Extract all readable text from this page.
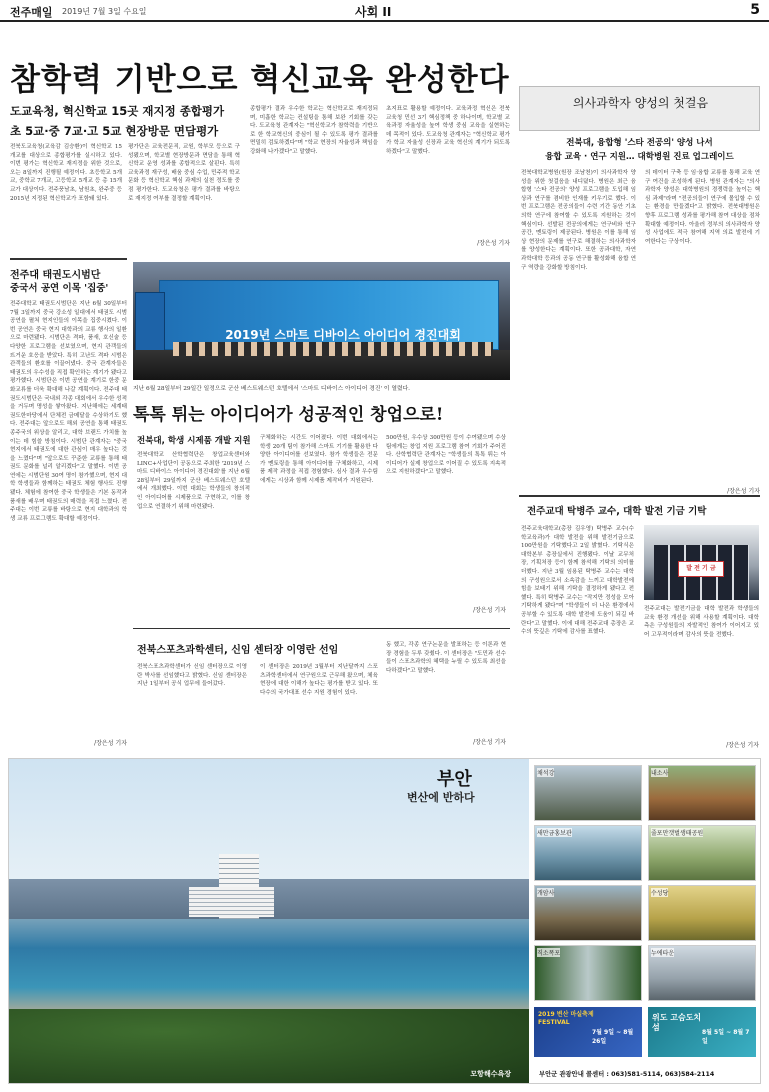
전주매일 2019년 7월 3일 수요일	사회 II	5
참학력 기반으로 혁신교육 완성한다
도교육청, 혁신학교 15곳 재지정 종합평가
초 5교·중 7교·고 5교 현장방문 면담평가
전북도교육청(교육감 김승환)이 혁신학교 15개교를 대상으로 종합평가를 실시하고 있다. 이번 평가는 혁신학교 재지정을 위한 것으로, 오는 8일까지 진행될 예정이다. 초등학교 5개교, 중학교 7개교, 고등학교 5개교 등 총 15개교가 대상이다. 전주풍남초, 남원초, 완주중 등 2015년 지정된 혁신학교가 포함돼 있다.
평가단은 교육전문직, 교원, 학부모 등으로 구성됐으며, 학교별 현장방문과 면담을 통해 혁신학교 운영 성과를 종합적으로 살핀다. 특히 교육과정 재구성, 배움 중심 수업, 민주적 학교문화 등 혁신학교 핵심 과제의 실천 정도를 중점 평가한다. 도교육청은 평가 결과를 바탕으로 재지정 여부를 결정할 계획이다.
종합평가 결과 우수한 학교는 혁신학교로 재지정되며, 미흡한 학교는 컨설팅을 통해 보완 기회를 갖는다. 도교육청 관계자는 "혁신학교가 참학력을 기반으로 한 학교혁신의 중심이 될 수 있도록 평가 결과를 면밀히 검토하겠다"며 "학교 현장의 자율성과 책임을 강화해 나가겠다"고 말했다.
초지표로 활용할 예정이다. 교육과정 혁신은 전북교육청 민선 3기 핵심정책 중 하나이며, 학교별 교육과정 자율성을 높여 학생 중심 교육을 실현하는 데 목적이 있다. 도교육청 관계자는 "혁신학교 평가가 학교 자율성 신장과 교육 혁신의 계기가 되도록 하겠다"고 말했다.
/장은성 기자
전주대 태권도시범단
중국서 공연 이목 '집중'
전주대학교 태권도시범단은 지난 6월 30일부터 7월 3일까지 중국 강소성 일대에서 태권도 시범공연을 펼쳐 현지인들의 이목을 집중시켰다. 이번 공연은 중국 현지 대학과의 교류 행사의 일환으로 마련됐다. 시범단은 격파, 품새, 호신술 등 다양한 프로그램을 선보였으며, 현지 관객들의 뜨거운 호응을 받았다. 특히 고난도 격파 시범은 관객들의 환호를 이끌어냈다. 중국 관계자들은 태권도의 우수성을 직접 확인하는 계기가 됐다고 평가했다. 시범단은 이번 공연을 계기로 한중 문화교류를 더욱 확대해 나갈 계획이다. 전주대 태권도시범단은 국내외 각종 대회에서 우수한 성적을 거두며 명성을 쌓아왔다. 지난해에는 세계태권도한마당에서 단체전 금메달을 수상하기도 했다. 전주대는 앞으로도 해외 공연을 통해 태권도 종주국의 위상을 알리고, 대학 브랜드 가치를 높이는 데 힘쓸 방침이다. 시범단 관계자는 "중국 현지에서 태권도에 대한 관심이 매우 높다는 것을 느꼈다"며 "앞으로도 꾸준한 교류를 통해 태권도 문화를 널리 알리겠다"고 말했다. 이번 공연에는 시범단원 30여 명이 참가했으며, 현지 대학 학생들과 함께하는 태권도 체험 행사도 진행됐다. 체험에 참여한 중국 학생들은 기본 동작과 품새를 배우며 태권도의 매력을 직접 느꼈다. 전주대는 이번 교류를 바탕으로 현지 대학과의 학생 교류 프로그램도 확대할 예정이다.
/장은성 기자
2019년 스마트 디바이스 아이디어 경진대회
지난 6월 28일부터 29일간 일정으로 군산 베스트웨스턴 호텔에서 '스마트 디바이스 아이디어 경진' 이 열렸다.
톡톡 튀는 아이디어가 성공적인 창업으로!
전북대, 학생 시제품 개발 지원
전북대학교 산학협력단은 창업교육센터와 LINC+사업단이 공동으로 주최한 '2019년 스마트 디바이스 아이디어 경진대회'를 지난 6월 28일부터 29일까지 군산 베스트웨스턴 호텔에서 개최했다. 이번 대회는 학생들의 창의적인 아이디어를 시제품으로 구현하고, 이를 창업으로 연결하기 위해 마련됐다.
구체화하는 시간도 이어졌다. 이번 대회에서는 학생 20개 팀이 참가해 스마트 기기를 활용한 다양한 아이디어를 선보였다. 참가 학생들은 전문가 멘토링을 통해 아이디어를 구체화하고, 시제품 제작 과정을 직접 경험했다. 심사 결과 우수팀에게는 시상과 함께 시제품 제작비가 지원된다.
500만원, 우수상 300만원 등이 수여됐으며 수상팀에게는 창업 지원 프로그램 참여 기회가 주어진다. 산학협력단 관계자는 "학생들의 톡톡 튀는 아이디어가 실제 창업으로 이어질 수 있도록 지속적으로 지원하겠다"고 말했다.
/장은성 기자
전북스포츠과학센터, 신임 센터장 이영란 선임
전북스포츠과학센터가 신임 센터장으로 이영란 박사를 선임했다고 밝혔다. 신임 센터장은 지난 1일부터 공식 업무에 들어갔다.
이 센터장은 2019년 3월부터 지난달까지 스포츠과학센터에서 연구원으로 근무해 왔으며, 체육 현장에 대한 이해가 높다는 평가를 받고 있다. 또 다수의 국가대표 선수 지원 경험이 있다.
동 했고, 각종 연구논문을 발표하는 등 이론과 현장 경험을 두루 갖췄다. 이 센터장은 "도민과 선수들이 스포츠과학의 혜택을 누릴 수 있도록 최선을 다하겠다"고 말했다.
/장은성 기자
의사과학자 양성의 첫걸음
전북대, 융합형 '스타 전공의' 양성 나서
융합 교육 · 연구 지원… 대학병원 진료 업그레이드
전북대학교병원(원장 조남천)이 의사과학자 양성을 위한 첫걸음을 내디뎠다. 병원은 최근 융합형 '스타 전공의' 양성 프로그램을 도입해 임상과 연구를 겸비한 인재를 키우기로 했다. 이번 프로그램은 전공의들이 수련 기간 동안 기초의학 연구에 참여할 수 있도록 지원하는 것이 핵심이다. 선발된 전공의에게는 연구비와 연구 공간, 멘토링이 제공된다. 병원은 이를 통해 임상 현장의 문제를 연구로 해결하는 의사과학자를 양성한다는 계획이다. 또한 공과대학, 자연과학대학 등과의 공동 연구를 활성화해 융합 연구 역량을 강화할 방침이다.
의 데이터 구축 등 임·융합 교류를 통해 교육 연구 여건을 조성하게 된다. 병원 관계자는 "의사과학자 양성은 대학병원의 경쟁력을 높이는 핵심 과제"라며 "전공의들이 연구에 몰입할 수 있는 환경을 만들겠다"고 밝혔다. 전북대병원은 향후 프로그램 성과를 평가해 참여 대상을 점차 확대할 예정이다. 아울러 정부의 의사과학자 양성 사업에도 적극 참여해 지역 의료 발전에 기여한다는 구상이다.
/장은성 기자
전주교대 탁병주 교수, 대학 발전 기금 기탁
전주교육대학교(총장 김우영) 탁병주 교수(수학교육과)가 대학 발전을 위해 발전기금으로 100만원을 기탁했다고 2일 밝혔다. 기탁식은 대학본부 총장실에서 진행됐다. 이날 교무처장, 기획처장 등이 함께 참석해 기탁의 의미를 더했다. 지난 3월 임용된 탁병주 교수는 대학의 구성원으로서 소속감을 느끼고 대학발전에 힘을 보태기 위해 기탁을 결정하게 됐다고 전했다. 특히 탁병주 교수는 "작지만 정성을 모아 기탁하게 됐다"며 "학생들이 더 나은 환경에서 공부할 수 있도록 대학 발전에 도움이 되길 바란다"고 말했다. 이에 대해 전주교대 총장은 교수의 뜻깊은 기탁에 감사를 표했다.
발 전 기 금
전주교대는 발전기금을 대학 발전과 학생들의 교육 환경 개선을 위해 사용할 계획이다. 대학 측은 구성원들의 자발적인 참여가 이어지고 있어 고무적이라며 감사의 뜻을 전했다.
/장은성 기자
모항해수욕장
부안
변산에 반하다
채석강	내소사
새만금홍보관	줄포만갯벌생태공원
개암사	수성당
직소폭포	누에타운
2019 변산 마실축제 FESTIVAL
7월 9일 ~ 8월 26일
위도 고슴도치 섬
8월 5일 ~ 8월 7일
부안군 관광안내 콜센터 : 063)581-5114, 063)584-2114
